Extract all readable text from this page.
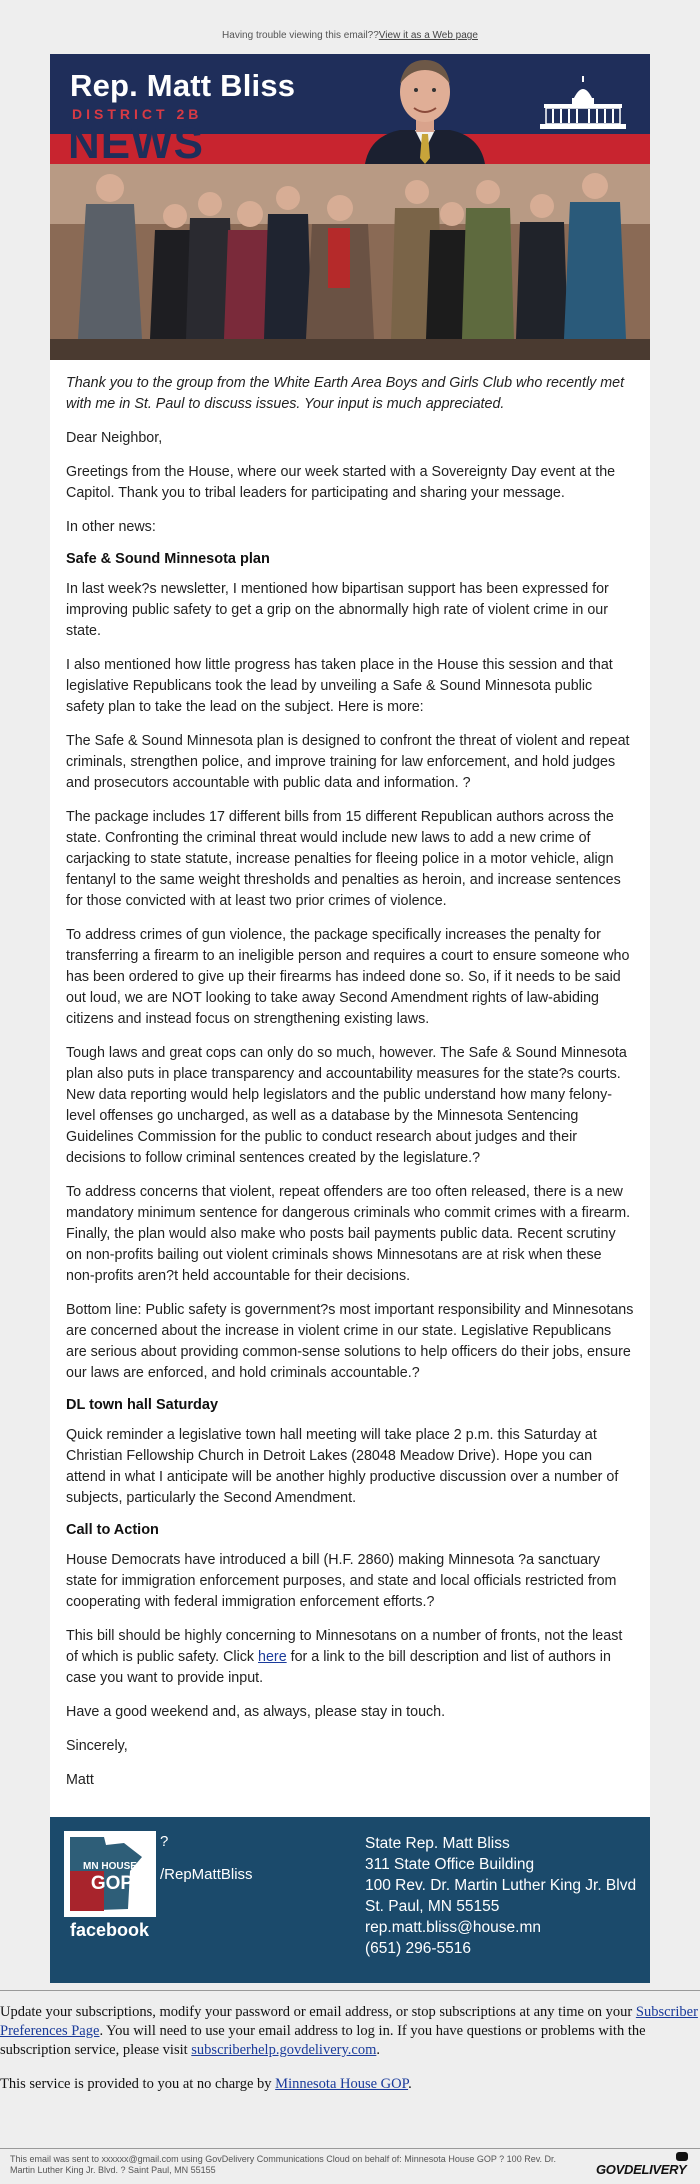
Having trouble viewing this email??View it as a Web page
Rep. Matt Bliss
DISTRICT 2B
NEWS

Thank you to the group from the White Earth Area Boys and Girls Club who recently met with me in St. Paul to discuss issues. Your input is much appreciated.

Dear Neighbor,

Greetings from the House, where our week started with a Sovereignty Day event at the Capitol. Thank you to tribal leaders for participating and sharing your message.

In other news:

Safe & Sound Minnesota plan

In last week?s newsletter, I mentioned how bipartisan support has been expressed for improving public safety to get a grip on the abnormally high rate of violent crime in our state.

I also mentioned how little progress has taken place in the House this session and that legislative Republicans took the lead by unveiling a Safe & Sound Minnesota public safety plan to take the lead on the subject. Here is more:

The Safe & Sound Minnesota plan is designed to confront the threat of violent and repeat criminals, strengthen police, and improve training for law enforcement, and hold judges and prosecutors accountable with public data and information. ?

The package includes 17 different bills from 15 different Republican authors across the state. Confronting the criminal threat would include new laws to add a new crime of carjacking to state statute, increase penalties for fleeing police in a motor vehicle, align fentanyl to the same weight thresholds and penalties as heroin, and increase sentences for those convicted with at least two prior crimes of violence.

To address crimes of gun violence, the package specifically increases the penalty for transferring a firearm to an ineligible person and requires a court to ensure someone who has been ordered to give up their firearms has indeed done so. So, if it needs to be said out loud, we are NOT looking to take away Second Amendment rights of law-abiding citizens and instead focus on strengthening existing laws.

Tough laws and great cops can only do so much, however. The Safe & Sound Minnesota plan also puts in place transparency and accountability measures for the state?s courts. New data reporting would help legislators and the public understand how many felony-level offenses go uncharged, as well as a database by the Minnesota Sentencing Guidelines Commission for the public to conduct research about judges and their decisions to follow criminal sentences created by the legislature.?

To address concerns that violent, repeat offenders are too often released, there is a new mandatory minimum sentence for dangerous criminals who commit crimes with a firearm. Finally, the plan would also make who posts bail payments public data. Recent scrutiny on non-profits bailing out violent criminals shows Minnesotans are at risk when these non-profits aren?t held accountable for their decisions.

Bottom line: Public safety is government?s most important responsibility and Minnesotans are concerned about the increase in violent crime in our state. Legislative Republicans are serious about providing common-sense solutions to help officers do their jobs, ensure our laws are enforced, and hold criminals accountable.?

DL town hall Saturday

Quick reminder a legislative town hall meeting will take place 2 p.m. this Saturday at Christian Fellowship Church in Detroit Lakes (28048 Meadow Drive). Hope you can attend in what I anticipate will be another highly productive discussion over a number of subjects, particularly the Second Amendment.

Call to Action

House Democrats have introduced a bill (H.F. 2860) making Minnesota ?a sanctuary state for immigration enforcement purposes, and state and local officials restricted from cooperating with federal immigration enforcement efforts.?

This bill should be highly concerning to Minnesotans on a number of fronts, not the least of which is public safety. Click here for a link to the bill description and list of authors in case you want to provide input.

Have a good weekend and, as always, please stay in touch.

Sincerely,

Matt

MN HOUSE
GOP
facebook
?
/RepMattBliss
State Rep. Matt Bliss
311 State Office Building
100 Rev. Dr. Martin Luther King Jr. Blvd
St. Paul, MN 55155
rep.matt.bliss@house.mn
(651) 296-5516

Update your subscriptions, modify your password or email address, or stop subscriptions at any time on your Subscriber Preferences Page. You will need to use your email address to log in. If you have questions or problems with the subscription service, please visit subscriberhelp.govdelivery.com.

This service is provided to you at no charge by Minnesota House GOP.

This email was sent to xxxxxx@gmail.com using GovDelivery Communications Cloud on behalf of: Minnesota House GOP ? 100 Rev. Dr. Martin Luther King Jr. Blvd. ? Saint Paul, MN 55155	GOVDELIVERY
